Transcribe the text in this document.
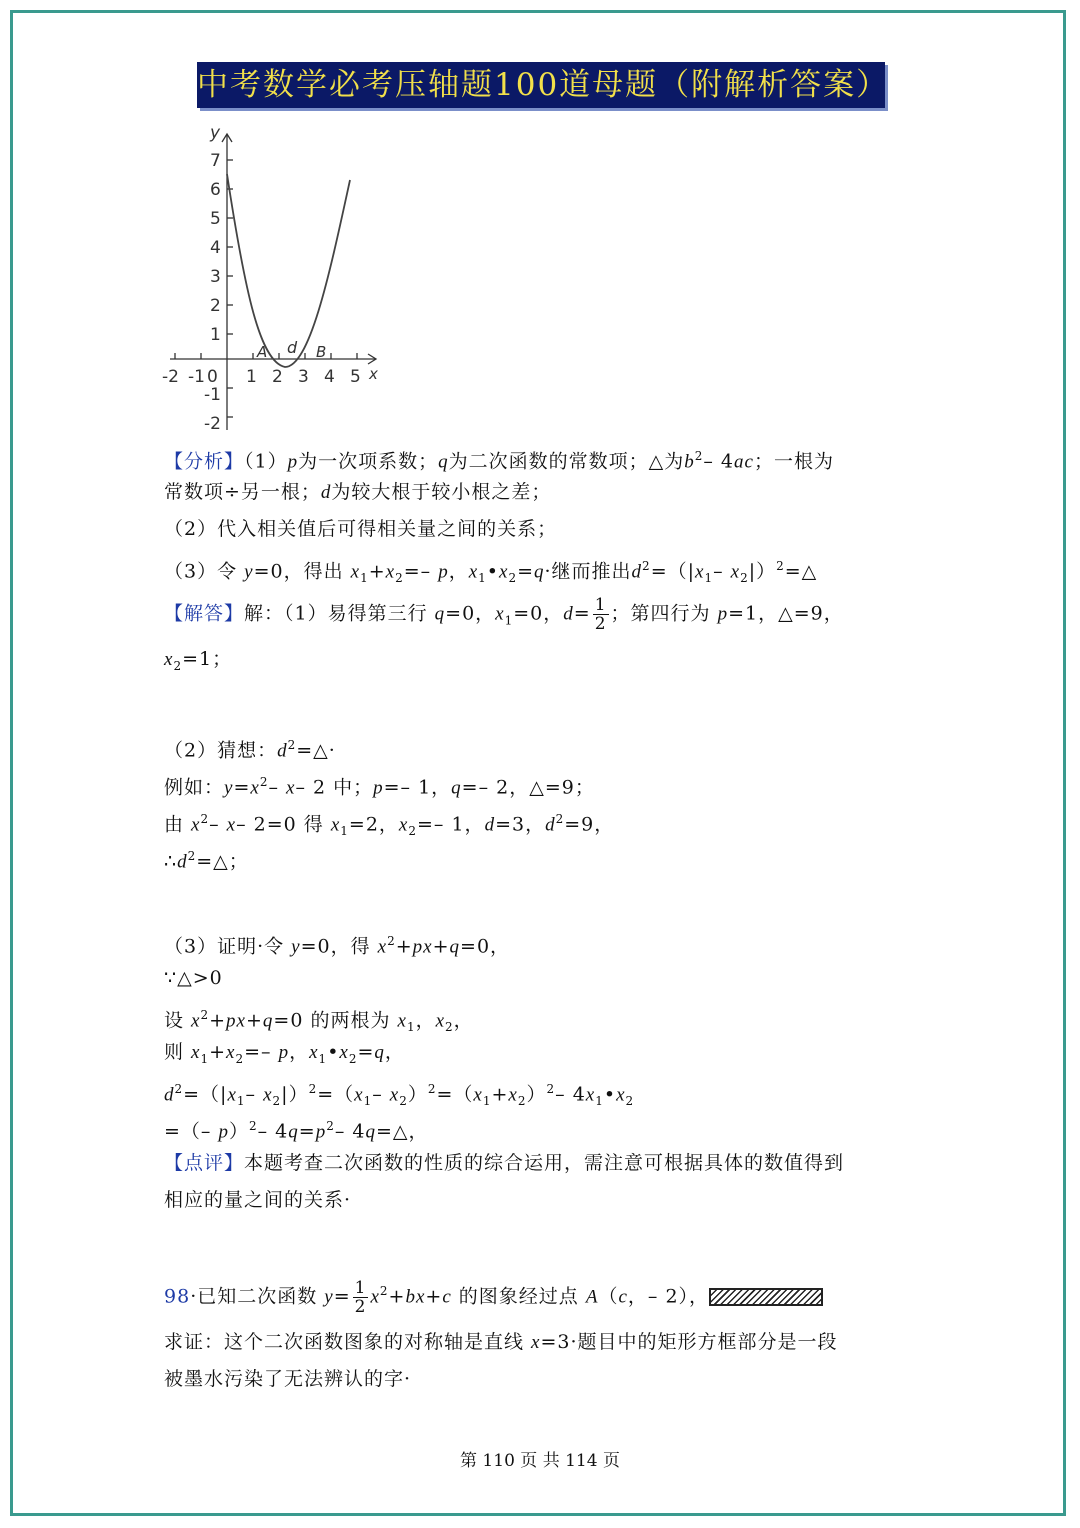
中考数学必考压轴题100道母题（附解析答案）
y
x
7
6
5
4
3
2
1
-1
-2
-2 -1 0 1 2 3 4 5
A d B
【分析】（1）p为一次项系数；q为二次函数的常数项；△为$b^2-$ 4ac；一根为
常数项÷另一根；d为较大根于较小根之差；
（2）代入相关值后可得相关量之间的关系；
（3）令 y=0，得出 $x_1+x_2=-$ p，$x_1•x_2=q\cdot$继而推出$d^2=(|x_1-$ $x_2|)^2=\triangle$
【解答】解：（1）易得第三行 q=0，$x_1=0$，$d= \frac{1}{2}$ ；第四行为 p=1，△=9，
$x_2=1$；
（2）猜想：$d^2=\triangle\cdot$
例如：$y=x^2-$ x– 2 中；p=– 1，q=– 2，△=9；
由 $x^2-$ x– 2=0 得 $x_1=2$，$x_2=-$ 1，d=3，$d^2=9$，
$\therefore d^2=\triangle$；
（3）证明·令 y=0，得 $x^2+px+q=0$，
∵△>0
设 $x^2+px+q=0$ 的两根为 $x_1$，$x_2$，
则 $x_1+x_2=-$ p，$x_1•x_2=q$，
$d^2=(|x_1-$ $x_2|)^2=(x_1-$ $x_2)^2=(x_1+x_2)^2-$ $4x_1•x_2$
=（– p）$^2$– $4q=p^2-$ 4q=△，
【点评】本题考查二次函数的性质的综合运用，需注意可根据具体的数值得到
相应的量之间的关系·
98·已知二次函数 $y= \frac{1}{2} x^2+bx+c$ 的图象经过点 A（c，– 2），
求证：这个二次函数图象的对称轴是直线 x=3·题目中的矩形方框部分是一段
被墨水污染了无法辨认的字·
第 110 页 共 114 页
